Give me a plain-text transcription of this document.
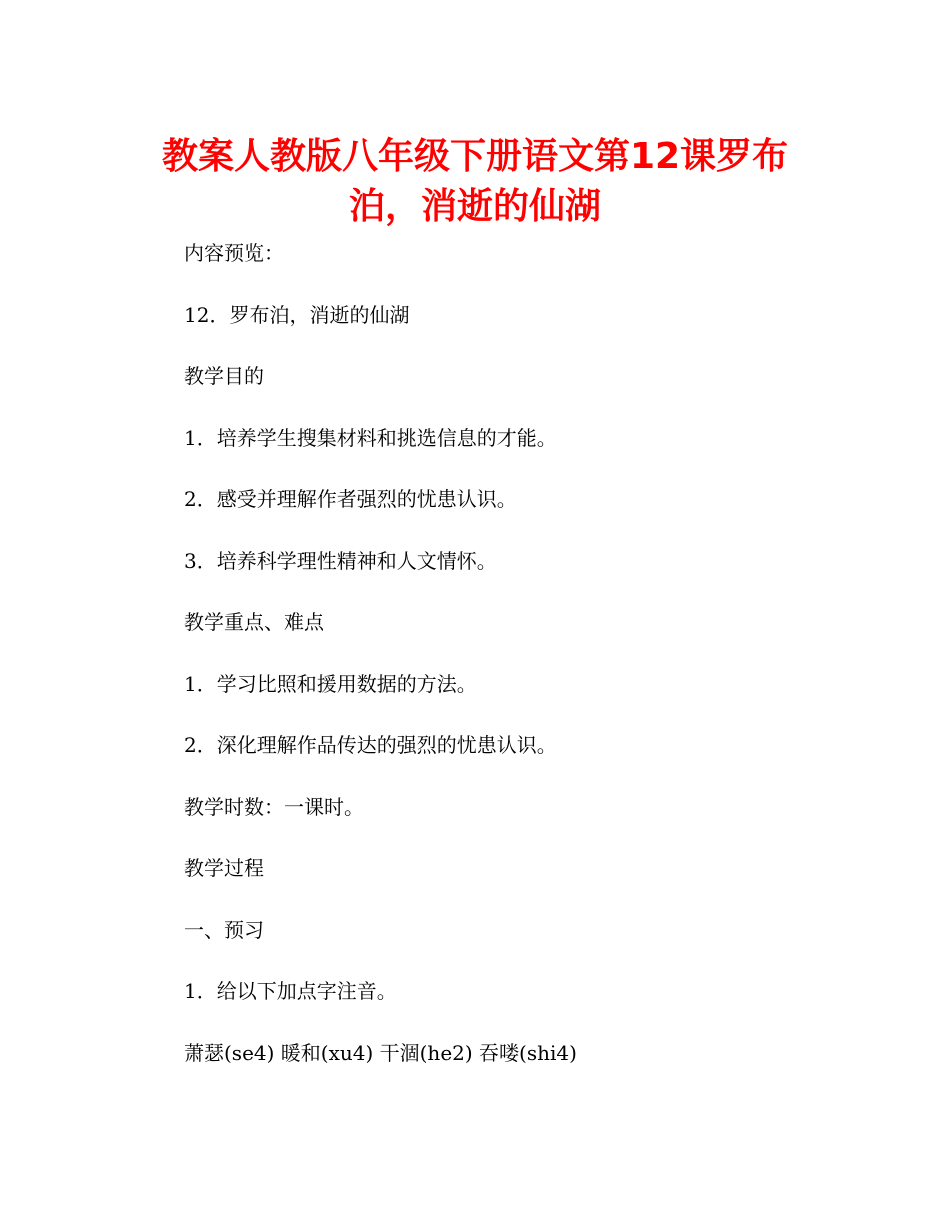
教案人教版八年级下册语文第12课罗布泊，消逝的仙湖

内容预览：

12．罗布泊，消逝的仙湖

教学目的

1．培养学生搜集材料和挑选信息的才能。

2．感受并理解作者强烈的忧患认识。

3．培养科学理性精神和人文情怀。

教学重点、难点

1．学习比照和援用数据的方法。

2．深化理解作品传达的强烈的忧患认识。

教学时数：一课时。

教学过程

一、预习

1．给以下加点字注音。

萧瑟(se4) 暖和(xu4) 干涸(he2) 吞喽(shi4)
